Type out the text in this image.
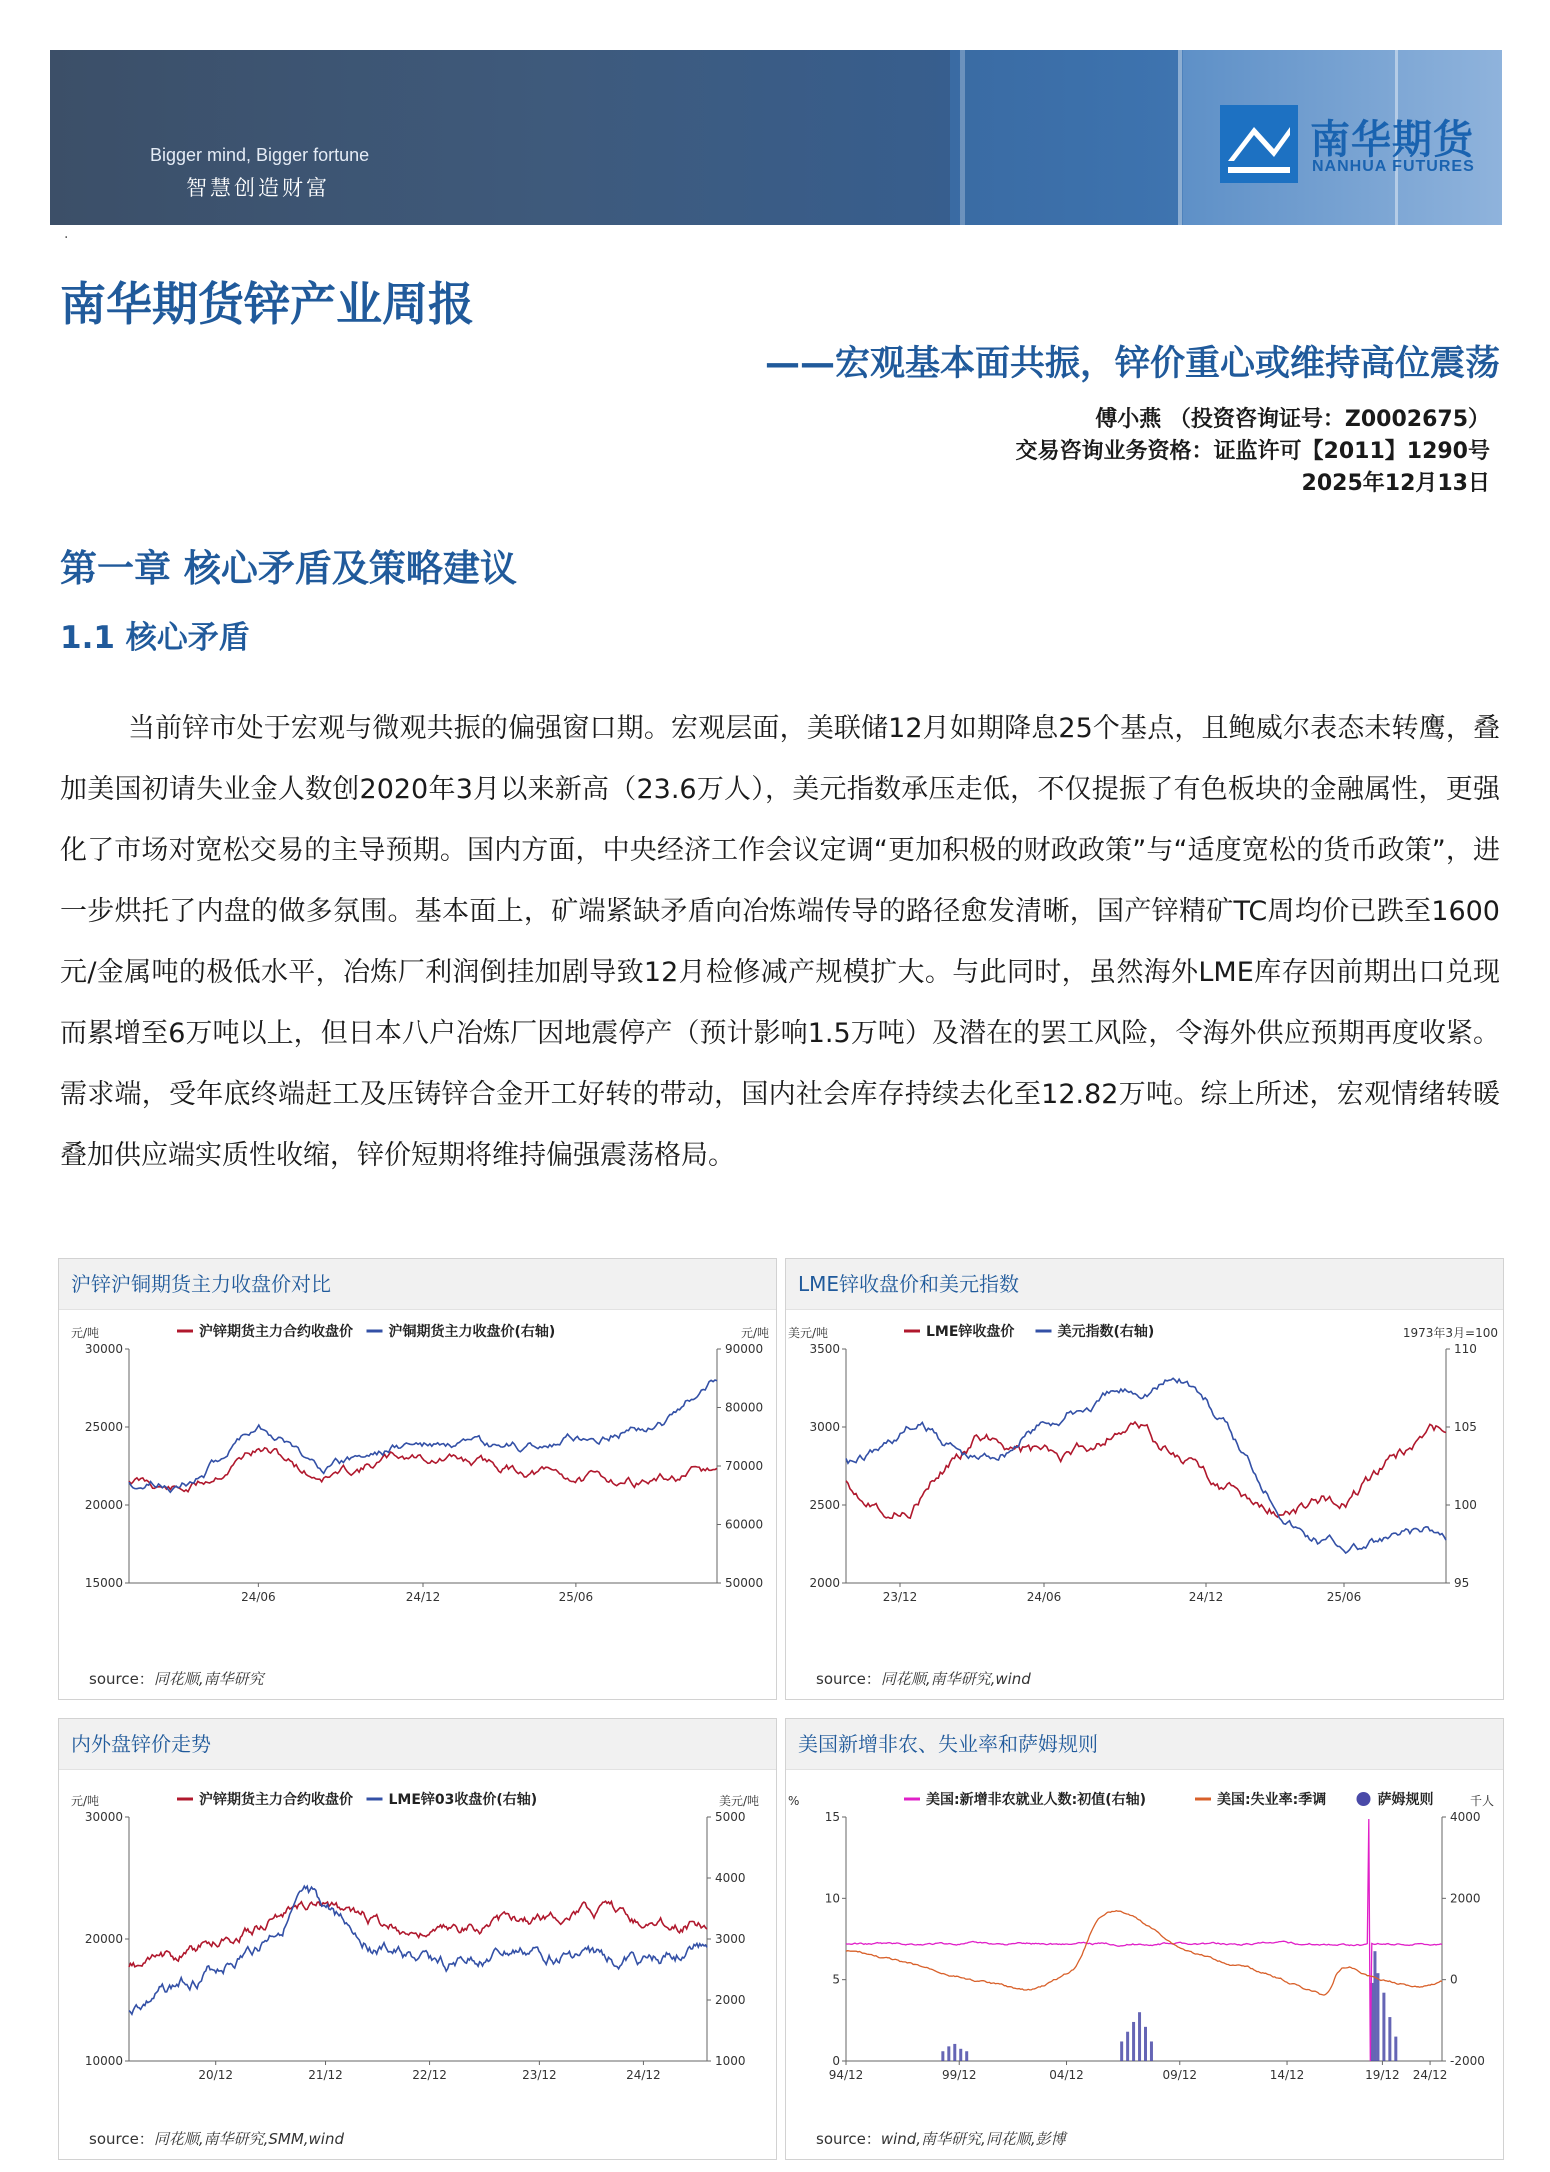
Bigger mind, Bigger fortune
智慧创造财富
南华期货
NANHUA FUTURES
·
南华期货锌产业周报
——宏观基本面共振，锌价重心或维持高位震荡
傅小燕 （投资咨询证号：Z0002675）
交易咨询业务资格：证监许可【2011】1290号
2025年12月13日
第一章 核心矛盾及策略建议
1.1 核心矛盾

当前锌市处于宏观与微观共振的偏强窗口期。宏观层面，美联储12月如期降息25个基点，且鲍威尔表态未转鹰，叠加美国初请失业金人数创2020年3月以来新高（23.6万人），美元指数承压走低，不仅提振了有色板块的金融属性，更强化了市场对宽松交易的主导预期。国内方面，中央经济工作会议定调“更加积极的财政政策”与“适度宽松的货币政策”，进一步烘托了内盘的做多氛围。基本面上，矿端紧缺矛盾向冶炼端传导的路径愈发清晰，国产锌精矿TC周均价已跌至1600元/金属吨的极低水平，冶炼厂利润倒挂加剧导致12月检修减产规模扩大。与此同时，虽然海外LME库存因前期出口兑现而累增至6万吨以上，但日本八户冶炼厂因地震停产（预计影响1.5万吨）及潜在的罢工风险，令海外供应预期再度收紧。需求端，受年底终端赶工及压铸锌合金开工好转的带动，国内社会库存持续去化至12.82万吨。综上所述，宏观情绪转暖叠加供应端实质性收缩，锌价短期将维持偏强震荡格局。

沪锌沪铜期货主力收盘价对比
元/吨	元/吨
沪锌期货主力合约收盘价	沪铜期货主力收盘价(右轴)
30000
25000
20000
15000
90000
80000
70000
60000
50000
24/06	24/12	25/06
source：同花顺,南华研究
LME锌收盘价和美元指数
美元/吨	1973年3月=100
LME锌收盘价	美元指数(右轴)
3500
3000
2500
2000
110
105
100
95
23/12	24/06	24/12	25/06
source：同花顺,南华研究,wind
内外盘锌价走势
元/吨	美元/吨
沪锌期货主力合约收盘价	LME锌03收盘价(右轴)
30000
20000
10000
5000
4000
3000
2000
1000
20/12	21/12	22/12	23/12	24/12
source：同花顺,南华研究,SMM,wind
美国新增非农、失业率和萨姆规则
%	千人
美国:新增非农就业人数:初值(右轴)	美国:失业率:季调	萨姆规则
15
10
5
0
4000
2000
0
-2000
94/12	99/12	04/12	09/12	14/12	19/12 24/12
source：wind,南华研究,同花顺,彭博
